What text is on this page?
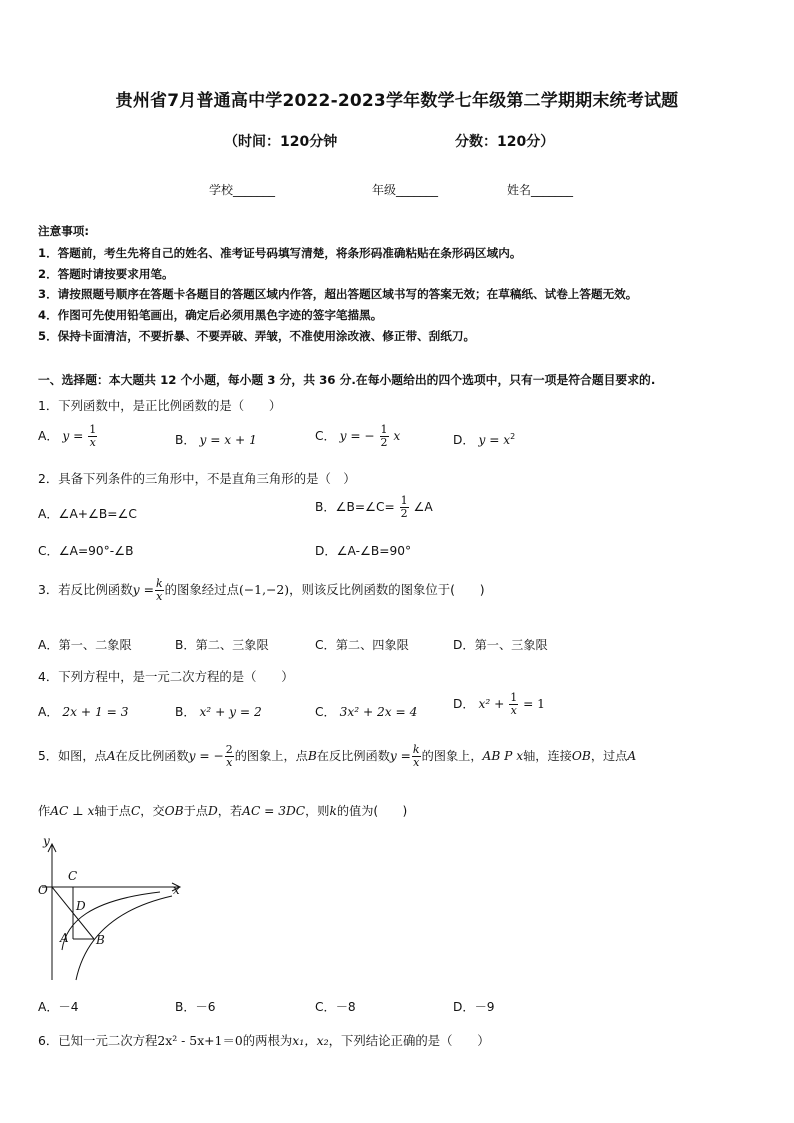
贵州省7月普通高中学2022-2023学年数学七年级第二学期期末统考试题
（时间：120分钟	分数：120分）
学校_______	年级_______	姓名_______
注意事项:
1．答题前，考生先将自己的姓名、准考证号码填写清楚，将条形码准确粘贴在条形码区域内。
2．答题时请按要求用笔。
3．请按照题号顺序在答题卡各题目的答题区域内作答，超出答题区域书写的答案无效；在草稿纸、试卷上答题无效。
4．作图可先使用铅笔画出，确定后必须用黑色字迹的签字笔描黑。
5．保持卡面清洁，不要折暴、不要弄破、弄皱，不准使用涂改液、修正带、刮纸刀。
一、选择题：本大题共 12 个小题，每小题 3 分，共 36 分.在每小题给出的四个选项中，只有一项是符合题目要求的.
1．下列函数中，是正比例函数的是（　　）
A． $y = \frac{1}{x}$	B． y = x + 1	C． y = − $\frac{1}{2}$ x	D． $y = x^2$
2．具备下列条件的三角形中，不是直角三角形的是（　）
A．∠A+∠B=∠C	B．∠B=∠C= $\frac{1}{2}$ ∠A
C．∠A=90°-∠B	D．∠A-∠B=90°
3．若反比例函数$y = \frac{k}{x}$ 的图象经过点(−1,−2)，则该反比例函数的图象位于(　　)
A．第一、二象限	B．第二、三象限	C．第二、四象限	D．第一、三象限
4．下列方程中，是一元二次方程的是（　　）
A． 2x + 1 = 3	B． x² + y = 2	C． 3x² + 2x = 4
D． $x^2 + \frac{1}{x} = 1$
5．如图，点A在反比例函数y = − $\frac{2}{x}$ 的图象上，点B在反比例函数$y = \frac{k}{x}$ 的图象上，AB P x轴，连接OB，过点A
作AC ⊥ x轴于点C，交OB于点D，若AC = 3DC，则k的值为(　　)
y
x
O
C
D
A B
A．－4	B．－6	C．－8	D．－9
6．已知一元二次方程2x² - 5x+1＝0的两根为x₁，x₂，下列结论正确的是（　　）
